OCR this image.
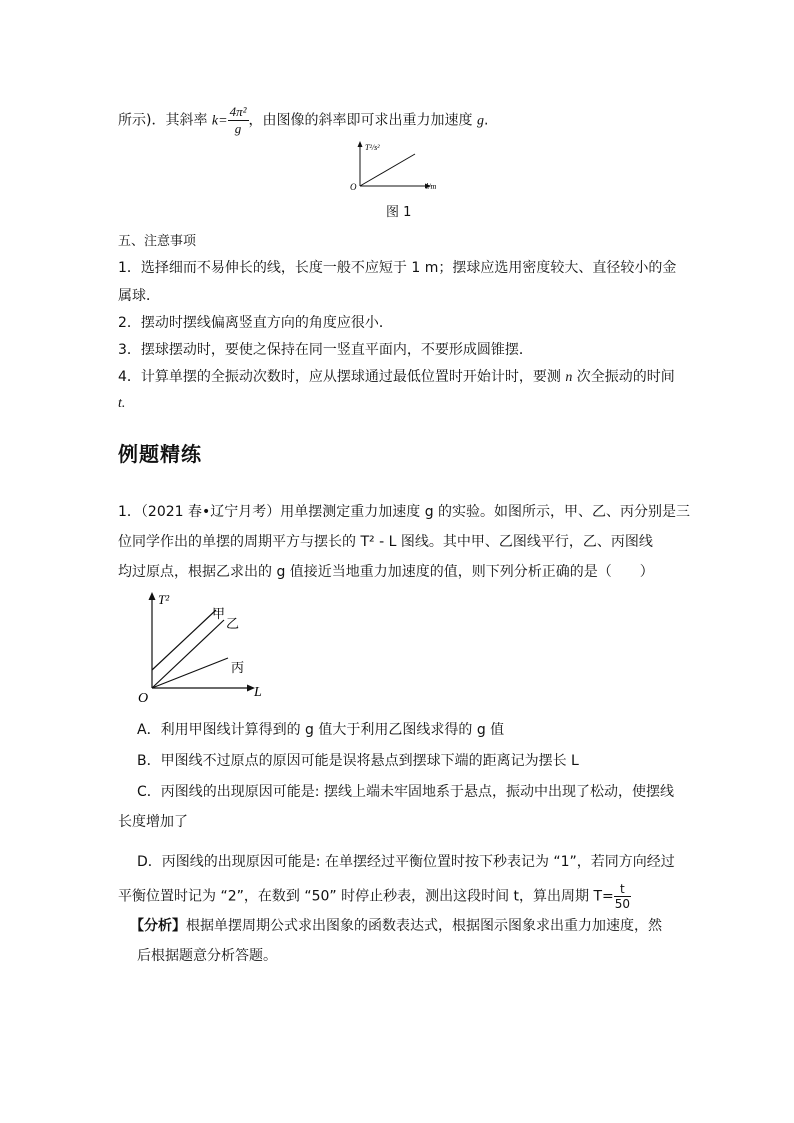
所示)．其斜率 $k= \frac{\text{4π²}}{g}$ ，由图像的斜率即可求出重力加速度 g.
T²/s²
l/m
O
图 1
五、注意事项
1．选择细而不易伸长的线，长度一般不应短于 1 m；摆球应选用密度较大、直径较小的金
属球．
2．摆动时摆线偏离竖直方向的角度应很小．
3．摆球摆动时，要使之保持在同一竖直平面内，不要形成圆锥摆．
4．计算单摆的全振动次数时，应从摆球通过最低位置时开始计时，要测 n 次全振动的时间
t.
例题精练
1．（2021 春•辽宁月考）用单摆测定重力加速度 g 的实验。如图所示，甲、乙、丙分别是三
位同学作出的单摆的周期平方与摆长的 T² - L 图线。其中甲、乙图线平行，乙、丙图线
均过原点，根据乙求出的 g 值接近当地重力加速度的值，则下列分析正确的是（　　）
T²
L
O
甲
乙
丙
A．利用甲图线计算得到的 g 值大于利用乙图线求得的 g 值
B．甲图线不过原点的原因可能是误将悬点到摆球下端的距离记为摆长 L
C．丙图线的出现原因可能是: 摆线上端未牢固地系于悬点，振动中出现了松动，使摆线
长度增加了
D．丙图线的出现原因可能是: 在单摆经过平衡位置时按下秒表记为 “1”，若同方向经过
平衡位置时记为 “2”，在数到 “50” 时停止秒表，测出这段时间 t，算出周期 $T= \frac{t}{50}$
【分析】根据单摆周期公式求出图象的函数表达式，根据图示图象求出重力加速度，然
后根据题意分析答题。
